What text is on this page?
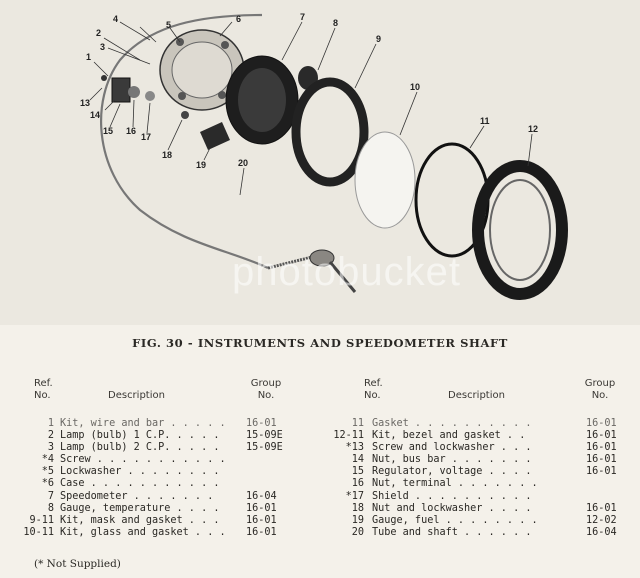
1
2
3
4
5
6	7
8
9
10
11
12
13
14
15 16
17
18
19	20
photobucket
FIG. 30 - INSTRUMENTS AND SPEEDOMETER SHAFT
Ref.
No.	Description
Group
No.
Ref.
No.	Description
Group
No.
1 Kit, wire and bar . . . . . 16-01
2 Lamp (bulb) 1 C.P. . . . .	15-09E
3 Lamp (bulb) 2 C.P. . . . .	15-09E
*4 Screw . . . . . . . . . . .
*5 Lockwasher . . . . . . . .
*6 Case . . . . . . . . . . .
7 Speedometer . . . . . . .	16-04
8 Gauge, temperature . . . .	16-01
9-11 Kit, mask and gasket . . .	16-01
10-11 Kit, glass and gasket . . . 16-01
11 Gasket . . . . . . . . . .	16-01
12-11 Kit, bezel and gasket . .	16-01
*13 Screw and lockwasher . . .	16-01
14 Nut, bus bar . . . . . . .	16-01
15 Regulator, voltage . . . .	16-01
16 Nut, terminal . . . . . . .
*17 Shield . . . . . . . . . .
18 Nut and lockwasher . . . .	16-01
19 Gauge, fuel . . . . . . . .	12-02
20 Tube and shaft . . . . . .	16-04
(* Not Supplied)
